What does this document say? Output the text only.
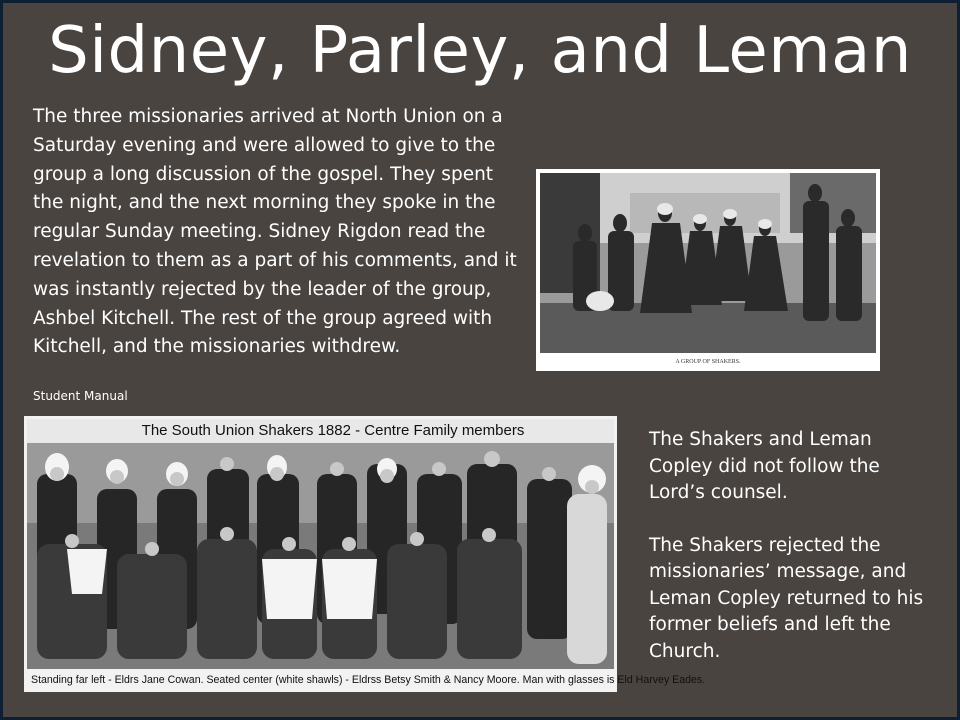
Sidney, Parley, and Leman
The three missionaries arrived at North Union on a Saturday evening and were allowed to give to the group a long discussion of the gospel. They spent the night, and the next morning they spoke in the regular Sunday meeting. Sidney Rigdon read the revelation to them as a part of his comments, and it was instantly rejected by the leader of the group, Ashbel Kitchell. The rest of the group agreed with Kitchell, and the missionaries withdrew.
Student Manual
A GROUP OF SHAKERS.
The South Union Shakers 1882 - Centre Family members
Standing far left - Eldrs Jane Cowan. Seated center (white shawls) - Eldrss Betsy Smith & Nancy Moore. Man with glasses is Eld Harvey Eades.

The Shakers and Leman Copley did not follow the Lord’s counsel.

The Shakers rejected the missionaries’ message, and Leman Copley returned to his former beliefs and left the Church.
